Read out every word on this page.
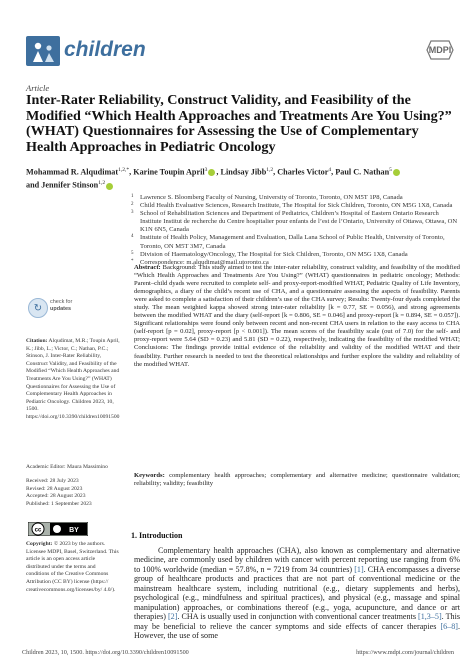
children	MDPI
Article
Inter-Rater Reliability, Construct Validity, and Feasibility of the Modified “Which Health Approaches and Treatments Are You Using?” (WHAT) Questionnaires for Assessing the Use of Complementary Health Approaches in Pediatric Oncology
Mohammad R. Alqudimat$^{1,2,*}$, Karine Toupin April$^3$ , Lindsay Jibb$^{1,2}$, Charles Victor$^4$, Paul C. Nathan$^5$
and Jennifer Stinson$^{1,2}$
1 Lawrence S. Bloomberg Faculty of Nursing, University of Toronto, Toronto, ON M5T 1P8, Canada
2 Child Health Evaluative Sciences, Research Institute, The Hospital for Sick Children, Toronto, ON M5G 1X8, Canada
3 School of Rehabilitation Sciences and Department of Pediatrics, Children’s Hospital of Eastern Ontario Research Institute Institut de recherche du Centre hospitalier pour enfants de l’est de l’Ontario, University of Ottawa, Ottawa, ON K1N 6N5, Canada
4 Institute of Health Policy, Management and Evaluation, Dalla Lana School of Public Health, University of Toronto, Toronto, ON M5T 3M7, Canada
5 Division of Haematology/Oncology, The Hospital for Sick Children, Toronto, ON M5G 1X8, Canada
* Correspondence: m.alqudimat@mail.utoronto.ca
↻
check for
updates
Citation: Alqudimat, M.R.; Toupin April, K.; Jibb, L.; Victor, C.; Nathan, P.C.; Stinson, J. Inter-Rater Reliability, Construct Validity, and Feasibility of the Modified “Which Health Approaches and Treatments Are You Using?” (WHAT) Questionnaires for Assessing the Use of Complementary Health Approaches in Pediatric Oncology. Children 2023, 10, 1500. https://doi.org/10.3390/children10091500
Academic Editor: Maura Massimino
Received: 28 July 2023
Revised: 28 August 2023
Accepted: 28 August 2023
Published: 1 September 2023
cc	BY
Copyright: © 2023 by the authors. Licensee MDPI, Basel, Switzerland. This article is an open access article distributed under the terms and conditions of the Creative Commons Attribution (CC BY) license (https:// creativecommons.org/licenses/by/ 4.0/).
Abstract: Background: This study aimed to test the inter-rater reliability, construct validity, and feasibility of the modified “Which Health Approaches and Treatments Are You Using?” (WHAT) questionnaires in pediatric oncology; Methods: Parent–child dyads were recruited to complete self- and proxy-report-modified WHAT, Pediatric Quality of Life Inventory, demographics, a diary of the child’s recent use of CHA, and a questionnaire assessing the aspects of feasibility. Parents were asked to complete a satisfaction of their children’s use of the CHA survey; Results: Twenty-four dyads completed the study. The mean weighted kappa showed strong inter-rater reliability [k = 0.77, SE = 0.056), and strong agreements between the modified WHAT and the diary (self-report [k = 0.806, SE = 0.046] and proxy-report [k = 0.894, SE = 0.057]). Significant relationships were found only between recent and non-recent CHA users in relation to the easy access to CHA (self-report [p = 0.02], proxy-report [p < 0.001]). The mean scores of the feasibility scale (out of 7.0) for the self- and proxy-report were 5.64 (SD = 0.23) and 5.81 (SD = 0.22), respectively, indicating the feasibility of the modified WHAT; Conclusions: The findings provide initial evidence of the reliability and validity of the modified WHAT and their feasibility. Further research is needed to test the theoretical relationships and further explore the validity and reliability of the modified WHAT.
Keywords: complementary health approaches; complementary and alternative medicine; questionnaire validation; reliability; validity; feasibility
1. Introduction
Complementary health approaches (CHA), also known as complementary and alternative medicine, are commonly used by children with cancer with percent reporting use ranging from 6% to 100% worldwide (median = 57.8%, n = 7219 from 34 countries) [1]. CHA encompasses a diverse group of healthcare products and practices that are not part of conventional medicine or the mainstream healthcare system, including nutritional (e.g., dietary supplements and herbs), psychological (e.g., mindfulness and spiritual practices), and physical (e.g., massage and spinal manipulation) approaches, or combinations thereof (e.g., yoga, acupuncture, and dance or art therapies) [2]. CHA is usually used in conjunction with conventional cancer treatments [1,3–5]. This may be beneficial to relieve the cancer symptoms and side effects of cancer therapies [6–8]. However, the use of some
Children 2023, 10, 1500. https://doi.org/10.3390/children10091500	https://www.mdpi.com/journal/children
